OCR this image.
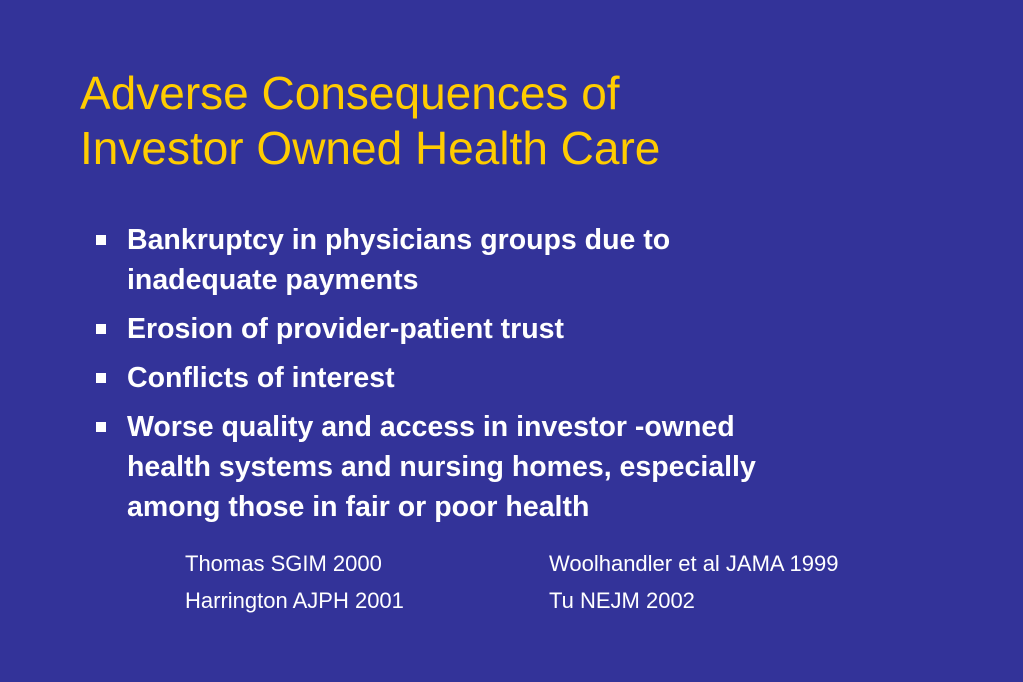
Adverse Consequences of
Investor Owned Health Care
Bankruptcy in physicians groups due to
inadequate payments
Erosion of provider-patient trust
Conflicts of interest
Worse quality and access in investor -owned
health systems and nursing homes, especially
among those in fair or poor health
Thomas SGIM 2000	Woolhandler et al JAMA 1999
Harrington AJPH 2001	Tu NEJM 2002
